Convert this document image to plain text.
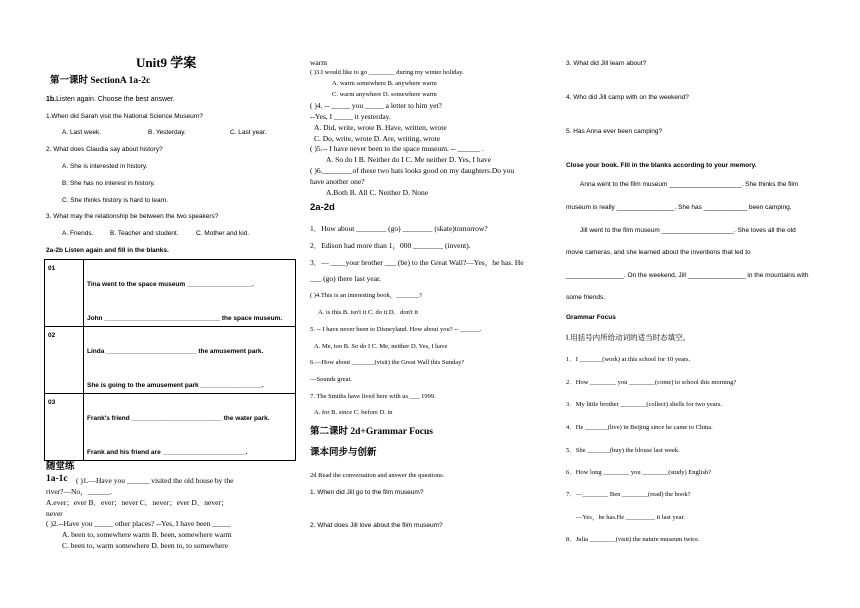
Unit9 学案
第一课时 SectionA 1a-2c
1b.Listen again. Choose the best answer.
1.When did Sarah visit the National Science Museum?
A. Last week.	B. Yesterday.	C. Last year.
2. What does Claudia say about history?
A. She is interested in history.
B. She has no interest in history.
C. She thinks history is hard to learn.
3. What may the relationship be between the two speakers?
A. Friends.	B. Teacher and student.	C. Mother and kid.
2a-2b Listen again and fill in the blanks.
01	Tina went to the space museum __________________.
John ________________________________ the space museum.

02	Linda _________________________ the amusement park.
She is going to the amusement park _________________.

03	Frank's friend _________________________ the water park.
Frank and his friend are _______________________.
随堂练
1a-1c ( )1.—Have you ______ visited the old house by the
river?—No，______.
A.ever；ever B．ever；never C．never；ever D．never；
never
( )2.--Have you _____ other places? --Yes, I have been _____
A. been to, somewhere warm B. been, somewhere warm
C. been to, warm somewhere D. been to, to somewhere
warm
( )3.I would like to go ________ during my winter holiday.
A. warm somewhere B. anywhere warm
C. warm anywhere D. somewhere warm
( )4. -- _____ you _____ a letter to him yet?
--Yes, I _____ it yesterday.
A. Did, write, wrote B. Have, written, wrote
C. Do, write, wrote D. Are, writing, wrote
( )5.-- I have never been to the space museum. -- ______ .
A. So do I B. Neither do I C. Me neither D. Yes, I have
( )6.________of these two hats looks good on my daughters.Do you
have another one?
A.Both B. All C. Neither D. None
2a-2d
1．How about ________ (go) ________ (skate)tomorrow?
2．Edison had more than 1，000 ________ (invent).
3．— ____your brother ___ (be) to the Great Wall?—Yes，he has. He
___ (go) there last year.
( )4.This is an interesting book，_______?
A. is this B. isn't it C. do it D．don't it
5. -- I have never been to Disneyland. How about you? -- ______.
A. Me, too B. So do I C. Me, neither D. Yes, I have
6.—How about _______(visit) the Great Wall this Sunday?
—Sounds great.
7. The Smiths have lived here with us ___ 1999.
A. for B. since C. before D. in
第二课时 2d+Grammar Focus
课本同步与创新
2d Read the conversation and answer the questions.
1. When did Jill go to the film museum?
2. What does Jill love about the film museum?
3. What did Jill learn about?
4. Who did Jill camp with on the weekend?
5. Has Anna ever been camping?
Close your book. Fill in the blanks according to your memory.
Anna went to the film museum ____________________. She thinks the film
museum is really ________________. She has ____________ been camping.
Jill went to the film museum ____________________. She loves all the old
movie cameras, and she learned about the inventions that led to
________________. On the weekend, Jill ________________ in the mountains with
some friends.
Grammar Focus
Ⅰ.用括号内所给动词的适当时态填空。
1．I _______(work) at this school for 10 years.
2．How ________ you ________(come) to school this morning?
3．My little brother ________(collect) shells for two years.
4．He _______(live) in Beijing since he came to China.
5．She _______(buy) the blouse last week.
6．How long ________ you ________(study) English?
7．—________ Ben ________(read) the book?
—Yes，he has.He _________ it last year.
8．Julia ________(visit) the nature museum twice.
